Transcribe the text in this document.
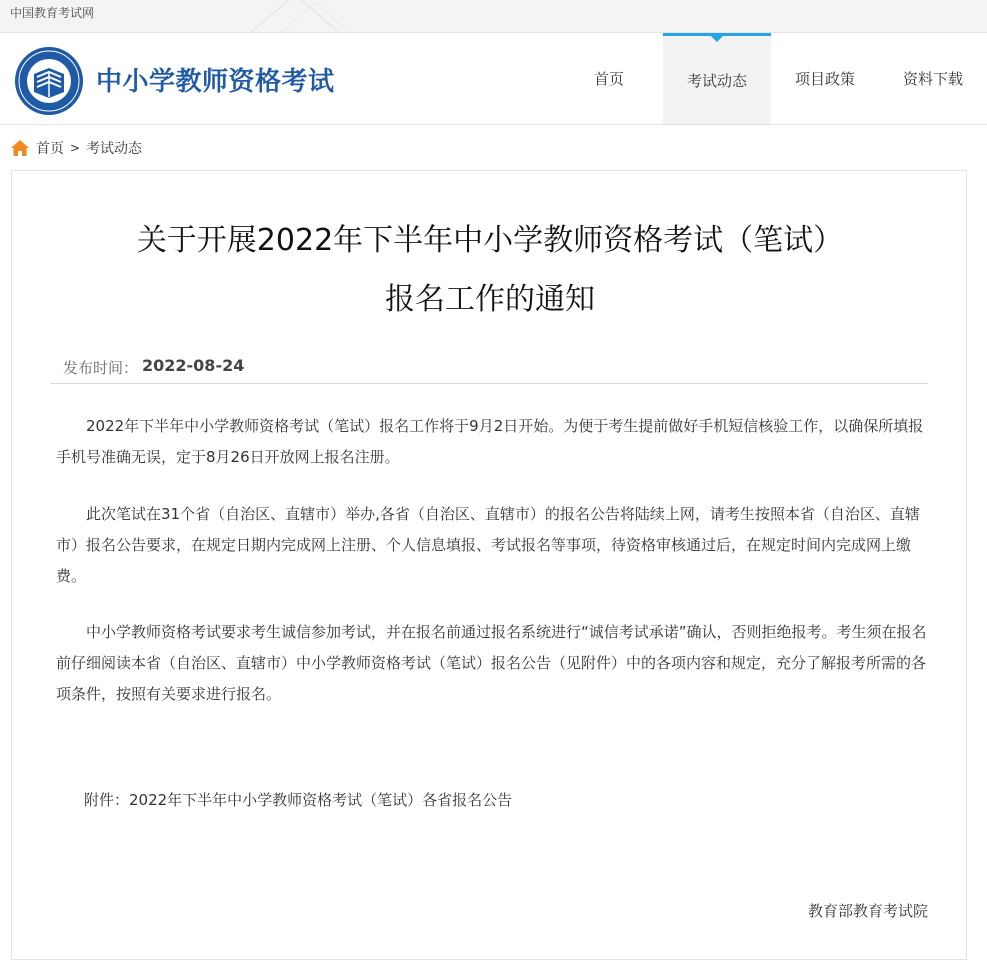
中国教育考试网
中小学教师资格考试	首页	考试动态	项目政策	资料下载
首页 > 考试动态
关于开展2022年下半年中小学教师资格考试（笔试）
报名工作的通知
发布时间： 2022-08-24

2022年下半年中小学教师资格考试（笔试）报名工作将于9月2日开始。为便于考生提前做好手机短信核验工作，以确保所填报手机号准确无误，定于8月26日开放网上报名注册。

此次笔试在31个省（自治区、直辖市）举办,各省（自治区、直辖市）的报名公告将陆续上网，请考生按照本省（自治区、直辖市）报名公告要求，在规定日期内完成网上注册、个人信息填报、考试报名等事项，待资格审核通过后，在规定时间内完成网上缴费。

中小学教师资格考试要求考生诚信参加考试，并在报名前通过报名系统进行“诚信考试承诺”确认，否则拒绝报考。考生须在报名前仔细阅读本省（自治区、直辖市）中小学教师资格考试（笔试）报名公告（见附件）中的各项内容和规定，充分了解报考所需的各项条件，按照有关要求进行报名。

附件：2022年下半年中小学教师资格考试（笔试）各省报名公告
教育部教育考试院
